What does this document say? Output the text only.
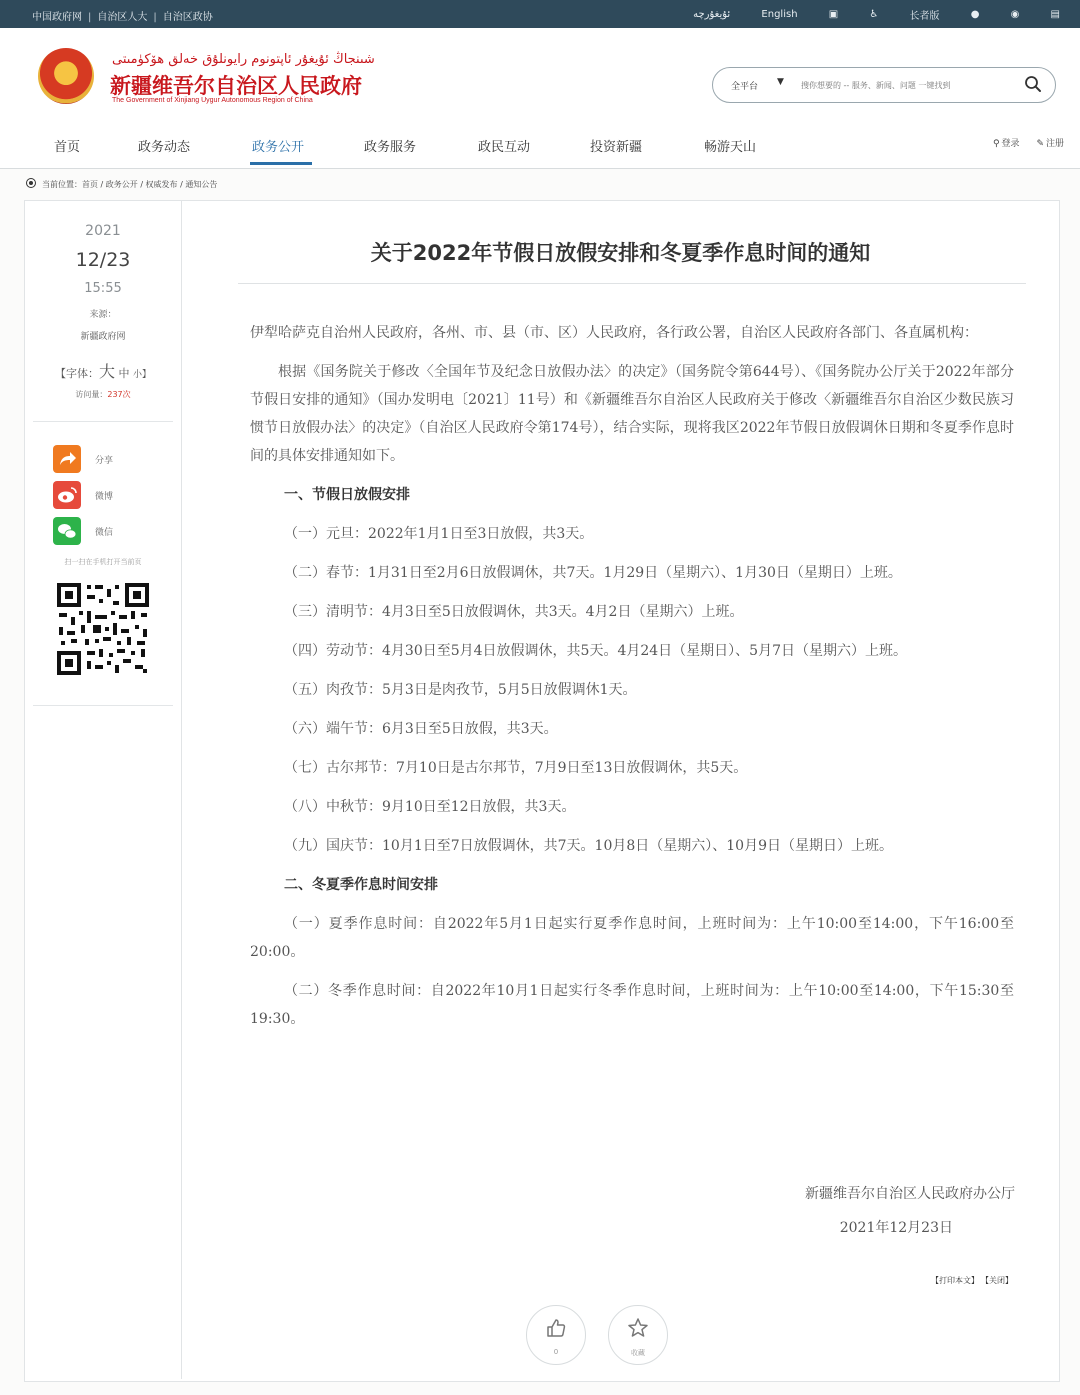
中国政府网 | 自治区人大 | 自治区政协	ئۇيغۇرچە	English	▣	♿	长者版	●	◉	▤
شىنجاڭ ئۇيغۇر ئاپتونوم رايونلۇق خەلق ھۆكۈمىتى
新疆维吾尔自治区人民政府
The Government of Xinjiang Uygur Autonomous Region of China
全平台 ▼
搜你想要的 -- 服务、新闻、问题 一键找到
首页	政务动态	政务公开	政务服务	政民互动	投资新疆	畅游天山	⚲ 登录 ✎ 注册
当前位置：首页 / 政务公开 / 权威发布 / 通知公告
2021
12/23
15:55
来源：
新疆政府网
【字体：大 中 小】
访问量：237次
分享
微博
微信
扫一扫在手机打开当前页
关于2022年节假日放假安排和冬夏季作息时间的通知

伊犁哈萨克自治州人民政府，各州、市、县（市、区）人民政府，各行政公署，自治区人民政府各部门、各直属机构：

根据《国务院关于修改〈全国年节及纪念日放假办法〉的决定》（国务院令第644号）、《国务院办公厅关于2022年部分节假日安排的通知》（国办发明电〔2021〕11号）和《新疆维吾尔自治区人民政府关于修改〈新疆维吾尔自治区少数民族习惯节日放假办法〉的决定》（自治区人民政府令第174号），结合实际，现将我区2022年节假日放假调休日期和冬夏季作息时间的具体安排通知如下。

一、节假日放假安排

（一）元旦：2022年1月1日至3日放假，共3天。

（二）春节：1月31日至2月6日放假调休，共7天。1月29日（星期六）、1月30日（星期日）上班。

（三）清明节：4月3日至5日放假调休，共3天。4月2日（星期六）上班。

（四）劳动节：4月30日至5月4日放假调休，共5天。4月24日（星期日）、5月7日（星期六）上班。

（五）肉孜节：5月3日是肉孜节，5月5日放假调休1天。

（六）端午节：6月3日至5日放假，共3天。

（七）古尔邦节：7月10日是古尔邦节，7月9日至13日放假调休，共5天。

（八）中秋节：9月10日至12日放假，共3天。

（九）国庆节：10月1日至7日放假调休，共7天。10月8日（星期六）、10月9日（星期日）上班。

二、冬夏季作息时间安排

（一）夏季作息时间：自2022年5月1日起实行夏季作息时间，上班时间为：上午10:00至14:00，下午16:00至20:00。

（二）冬季作息时间：自2022年10月1日起实行冬季作息时间，上班时间为：上午10:00至14:00，下午15:30至19:30。

新疆维吾尔自治区人民政府办公厅
2021年12月23日
【打印本文】 【关闭】
0	收藏
